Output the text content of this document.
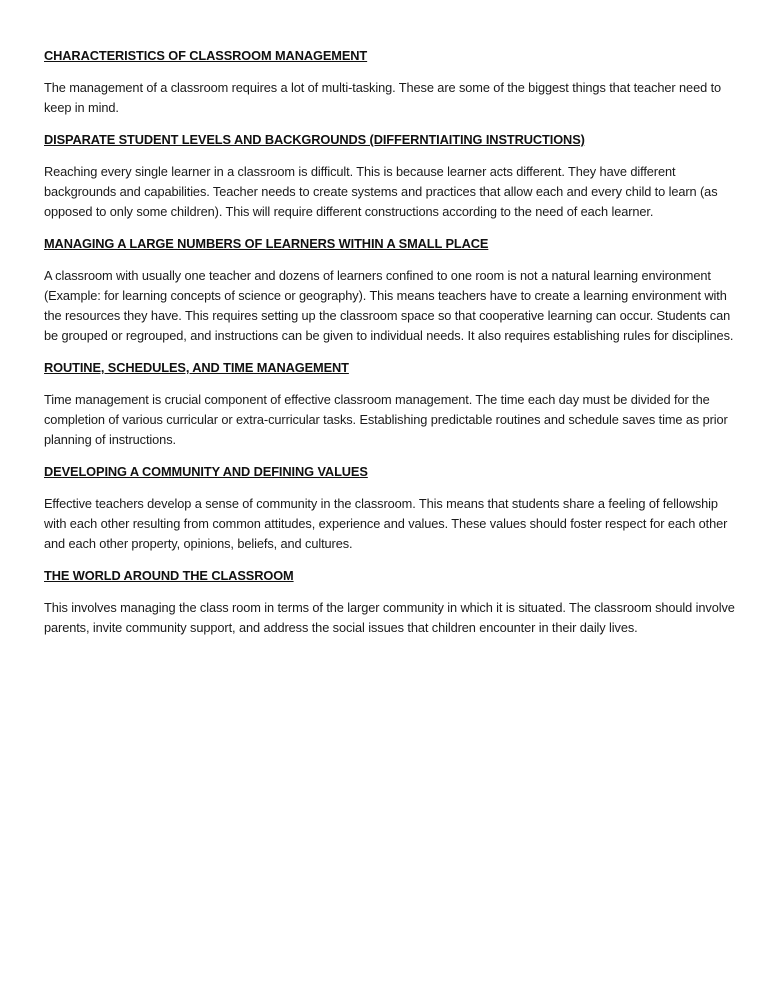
CHARACTERISTICS OF CLASSROOM MANAGEMENT

The management of a classroom requires a lot of multi-tasking. These are some of the biggest things that teacher need to keep in mind.

DISPARATE STUDENT LEVELS AND BACKGROUNDS (DIFFERNTIAITING INSTRUCTIONS)

Reaching every single learner in a classroom is difficult. This is because learner acts different. They have different backgrounds and capabilities. Teacher needs to create systems and practices that allow each and every child to learn (as opposed to only some children). This will require different constructions according to the need of each learner.

MANAGING A LARGE NUMBERS OF LEARNERS WITHIN A SMALL PLACE

A classroom with usually one teacher and dozens of learners confined to one room is not a natural learning environment (Example: for learning concepts of science or geography). This means teachers have to create a learning environment with the resources they have. This requires setting up the classroom space so that cooperative learning can occur. Students can be grouped or regrouped, and instructions can be given to individual needs. It also requires establishing rules for disciplines.

ROUTINE, SCHEDULES, AND TIME MANAGEMENT

Time management is crucial component of effective classroom management. The time each day must be divided for the completion of various curricular or extra-curricular tasks. Establishing predictable routines and schedule saves time as prior planning of instructions.

DEVELOPING A COMMUNITY AND DEFINING VALUES

Effective teachers develop a sense of community in the classroom. This means that students share a feeling of fellowship with each other resulting from common attitudes, experience and values. These values should foster respect for each other and each other property, opinions, beliefs, and cultures.

THE WORLD AROUND THE CLASSROOM

This involves managing the class room in terms of the larger community in which it is situated. The classroom should involve parents, invite community support, and address the social issues that children encounter in their daily lives.
